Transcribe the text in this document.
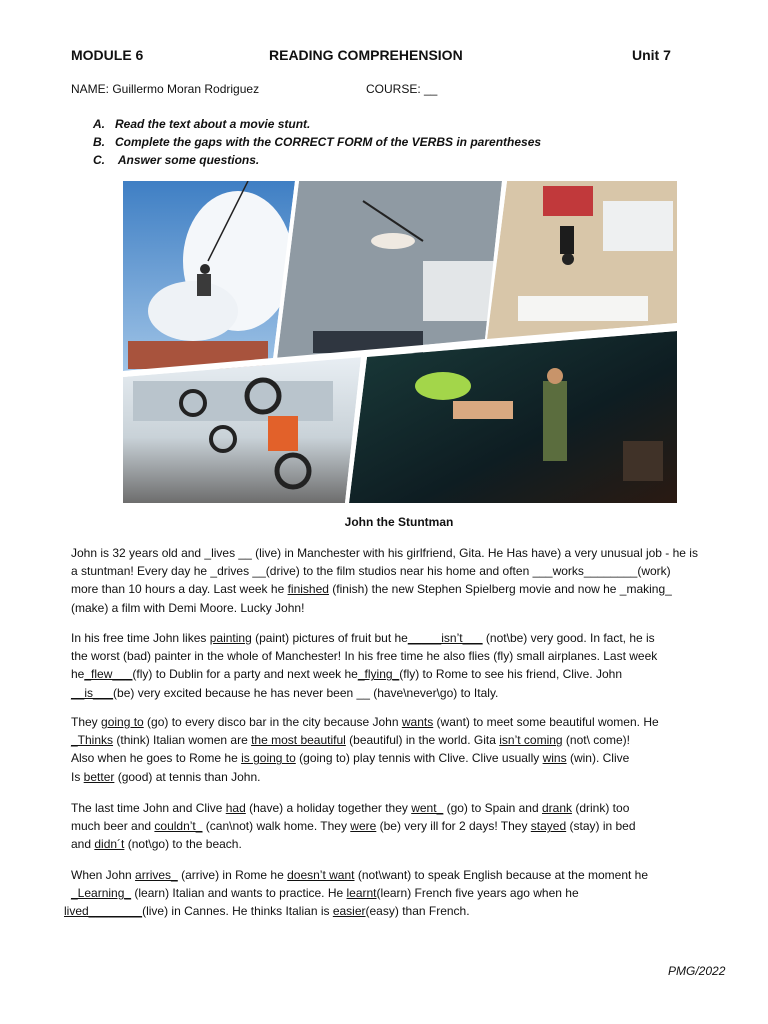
MODULE 6	READING COMPREHENSION	Unit 7
NAME: Guillermo Moran Rodriguez	COURSE: __
A. Read the text about a movie stunt.
B. Complete the gaps with the CORRECT FORM of the VERBS in parentheses
C. Answer some questions.
John the Stuntman

John is 32 years old and _lives __ (live) in Manchester with his girlfriend, Gita. He Has have) a very unusual job - he is

a stuntman! Every day he _drives __(drive) to the film studios near his home and often ___works________(work)

more than 10 hours a day. Last week he finished (finish) the new Stephen Spielberg movie and now he _making_

(make) a film with Demi Moore. Lucky John!

In his free time John likes painting (paint) pictures of fruit but he_____isn’t___ (not\be) very good. In fact, he is

the worst (bad) painter in the whole of Manchester! In his free time he also flies (fly) small airplanes. Last week

he_flew___(fly) to Dublin for a party and next week he_flying_(fly) to Rome to see his friend, Clive. John

__is___(be) very excited because he has never been __ (have\never\go) to Italy.

They going to (go) to every disco bar in the city because John wants (want) to meet some beautiful women. He

_Thinks (think) Italian women are the most beautiful (beautiful) in the world. Gita isn’t coming (not\ come)!

Also when he goes to Rome he is going to (going to) play tennis with Clive. Clive usually wins (win). Clive

Is better (good) at tennis than John.

The last time John and Clive had (have) a holiday together they went_ (go) to Spain and drank (drink) too

much beer and couldn’t_ (can\not) walk home. They were (be) very ill for 2 days! They stayed (stay) in bed

and didn´t (not\go) to the beach.

When John arrives_ (arrive) in Rome he doesn’t want (not\want) to speak English because at the moment he

_Learning_ (learn) Italian and wants to practice. He learnt(learn) French five years ago when he

lived________(live) in Cannes. He thinks Italian is easier(easy) than French.

PMG/2022
